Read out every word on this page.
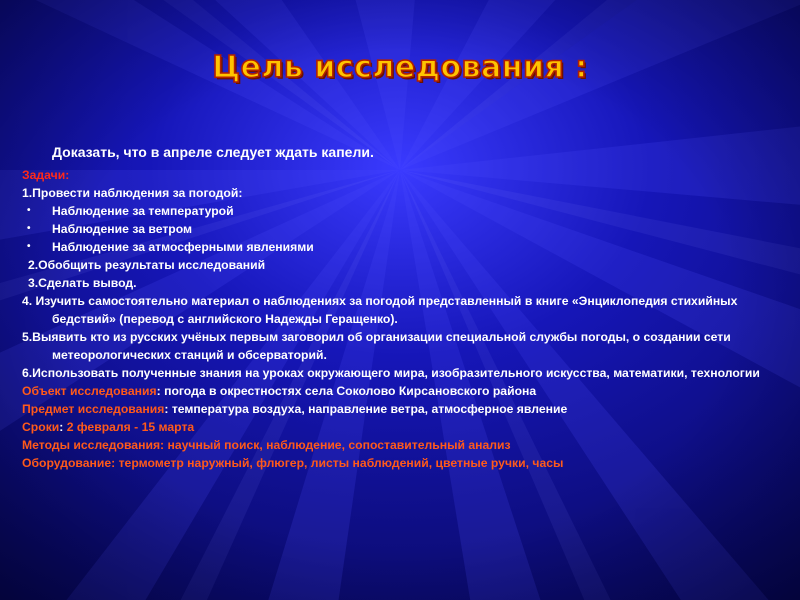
Цель исследования :
Доказать, что в апреле следует ждать капели.
Задачи:
1.Провести наблюдения за погодой:
• Наблюдение за температурой
• Наблюдение за ветром
• Наблюдение за атмосферными явлениями
2.Обобщить результаты исследований
3.Сделать вывод.
4. Изучить самостоятельно материал о наблюдениях за погодой представленный в книге «Энциклопедия стихийных бедствий» (перевод с английского Надежды Геращенко).
5.Выявить кто из русских учёных первым заговорил об организации специальной службы погоды, о создании сети метеорологических станций и обсерваторий.
6.Использовать полученные знания на уроках окружающего мира, изобразительного искусства, математики, технологии
Объект исследования: погода в окрестностях села Соколово Кирсановского района
Предмет исследования: температура воздуха, направление ветра, атмосферное явление
Сроки: 2 февраля - 15 марта
Методы исследования: научный поиск, наблюдение, сопоставительный анализ
Оборудование: термометр наружный, флюгер, листы наблюдений, цветные ручки, часы
